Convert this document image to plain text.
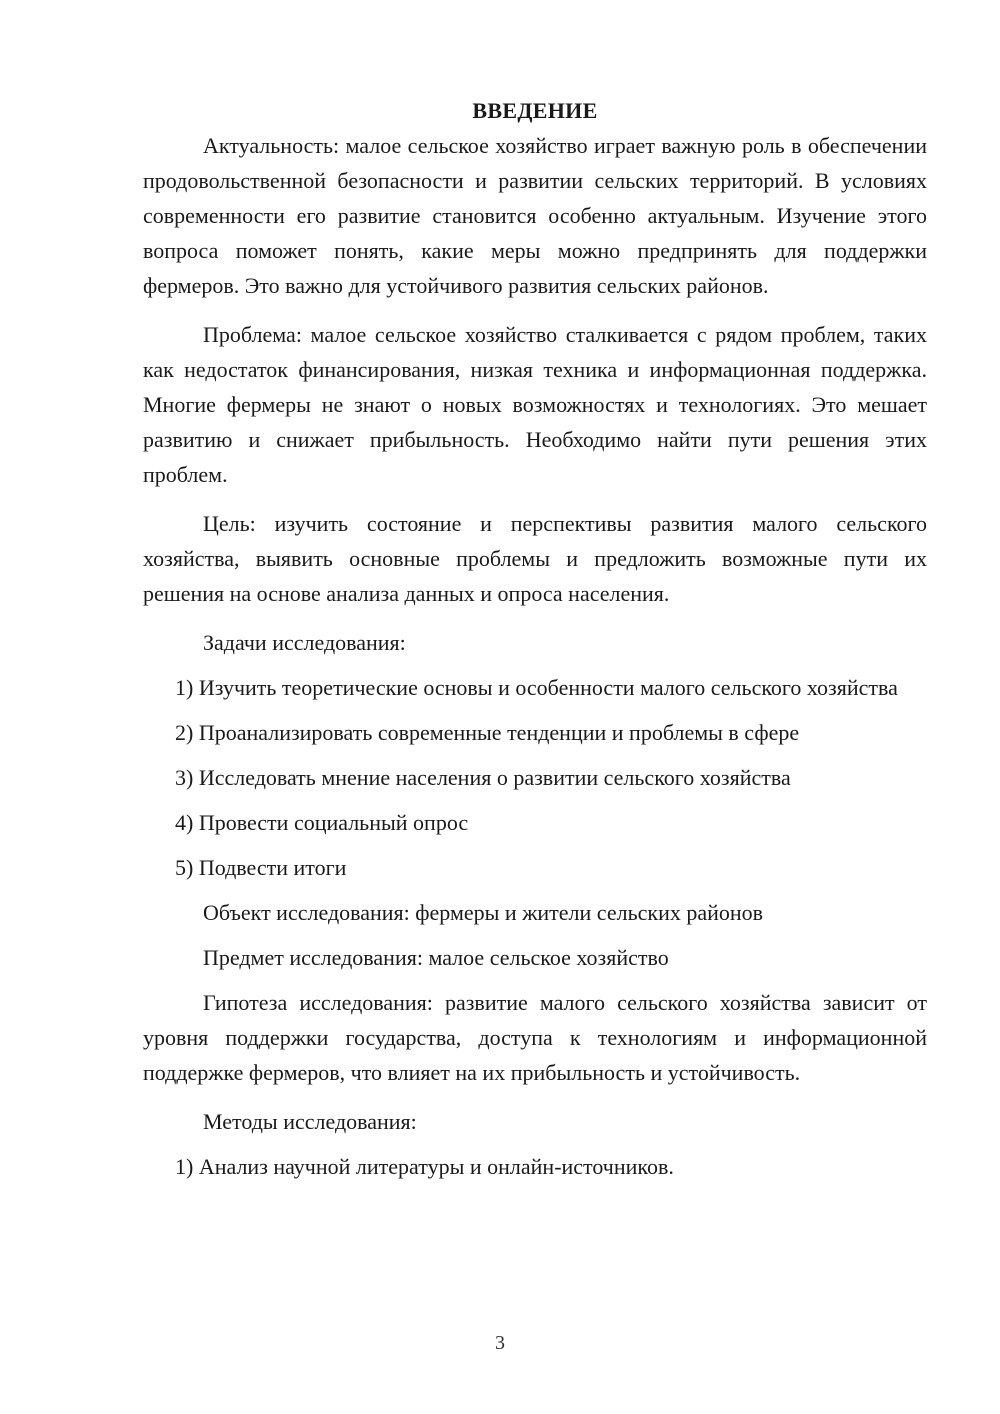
ВВЕДЕНИЕ

Актуальность: малое сельское хозяйство играет важную роль в обеспечении продовольственной безопасности и развитии сельских территорий. В условиях современности его развитие становится особенно актуальным. Изучение этого вопроса поможет понять, какие меры можно предпринять для поддержки фермеров. Это важно для устойчивого развития сельских районов.

Проблема: малое сельское хозяйство сталкивается с рядом проблем, таких как недостаток финансирования, низкая техника и информационная поддержка. Многие фермеры не знают о новых возможностях и технологиях. Это мешает развитию и снижает прибыльность. Необходимо найти пути решения этих проблем.

Цель: изучить состояние и перспективы развития малого сельского хозяйства, выявить основные проблемы и предложить возможные пути их решения на основе анализа данных и опроса населения.

Задачи исследования:

1) Изучить теоретические основы и особенности малого сельского хозяйства

2) Проанализировать современные тенденции и проблемы в сфере

3) Исследовать мнение населения о развитии сельского хозяйства

4) Провести социальный опрос

5) Подвести итоги

Объект исследования: фермеры и жители сельских районов

Предмет исследования: малое сельское хозяйство

Гипотеза исследования: развитие малого сельского хозяйства зависит от уровня поддержки государства, доступа к технологиям и информационной поддержке фермеров, что влияет на их прибыльность и устойчивость.

Методы исследования:

1) Анализ научной литературы и онлайн-источников.

3
